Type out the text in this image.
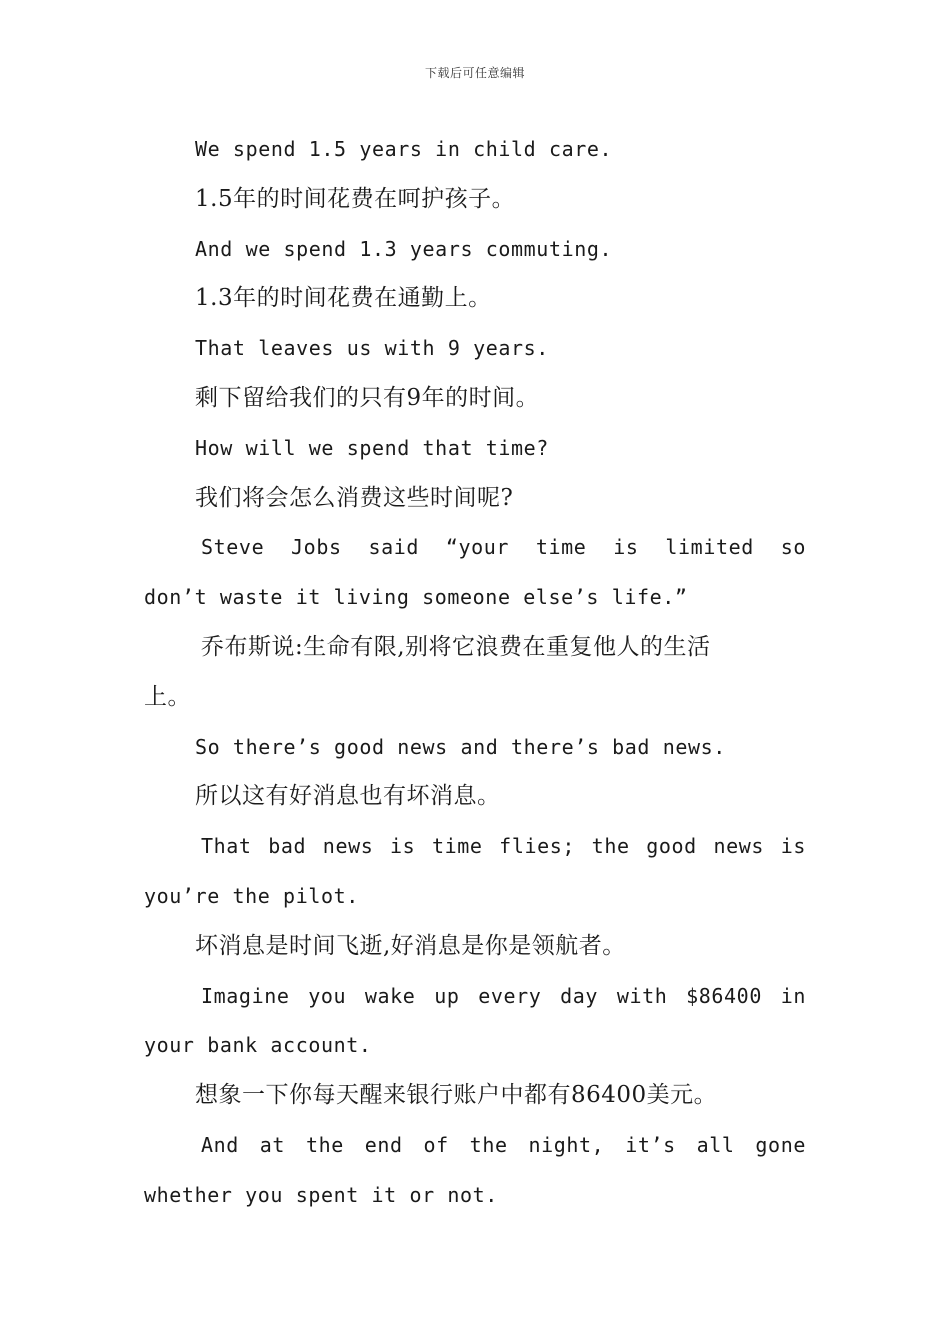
下载后可任意编辑
We spend 1.5 years in child care.
1.5年的时间花费在呵护孩子。
And we spend 1.3 years commuting.
1.3年的时间花费在通勤上。
That leaves us with 9 years.
剩下留给我们的只有9年的时间。
How will we spend that time?
我们将会怎么消费这些时间呢?
Steve Jobs said “your time is limited so
don’t waste it living someone else’s life.”
乔布斯说:生命有限,别将它浪费在重复他人的生活
上。
So there’s good news and there’s bad news.
所以这有好消息也有坏消息。
That bad news is time flies; the good news is
you’re the pilot.
坏消息是时间飞逝,好消息是你是领航者。
Imagine you wake up every day with $86400 in
your bank account.
想象一下你每天醒来银行账户中都有86400美元。
And at the end of the night, it’s all gone
whether you spent it or not.
